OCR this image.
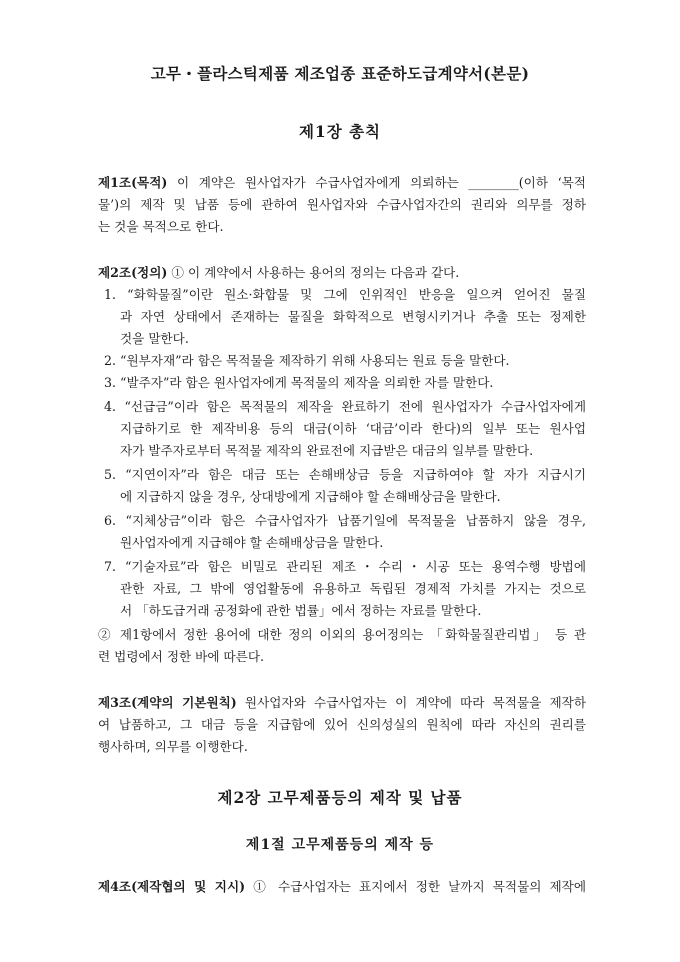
고무・플라스틱제품 제조업종 표준하도급계약서(본문)
제1장 총칙
제1조(목적) 이 계약은 원사업자가 수급사업자에게 의뢰하는 ________(이하 ‘목적
물’)의 제작 및 납품 등에 관하여 원사업자와 수급사업자간의 권리와 의무를 정하
는 것을 목적으로 한다.
제2조(정의) ① 이 계약에서 사용하는 용어의 정의는 다음과 같다.
1. “화학물질”이란 원소·화합물 및 그에 인위적인 반응을 일으켜 얻어진 물질
과 자연 상태에서 존재하는 물질을 화학적으로 변형시키거나 추출 또는 정제한
것을 말한다.
2. “원부자재”라 함은 목적물을 제작하기 위해 사용되는 원료 등을 말한다.
3. “발주자”라 함은 원사업자에게 목적물의 제작을 의뢰한 자를 말한다.
4. “선급금”이라 함은 목적물의 제작을 완료하기 전에 원사업자가 수급사업자에게
지급하기로 한 제작비용 등의 대금(이하 ‘대금’이라 한다)의 일부 또는 원사업
자가 발주자로부터 목적물 제작의 완료전에 지급받은 대금의 일부를 말한다.
5. “지연이자”라 함은 대금 또는 손해배상금 등을 지급하여야 할 자가 지급시기
에 지급하지 않을 경우, 상대방에게 지급해야 할 손해배상금을 말한다.
6. “지체상금”이라 함은 수급사업자가 납품기일에 목적물을 납품하지 않을 경우,
원사업자에게 지급해야 할 손해배상금을 말한다.
7. “기술자료”라 함은 비밀로 관리된 제조・수리・시공 또는 용역수행 방법에
관한 자료, 그 밖에 영업활동에 유용하고 독립된 경제적 가치를 가지는 것으로
서 「하도급거래 공정화에 관한 법률」에서 정하는 자료를 말한다.
② 제1항에서 정한 용어에 대한 정의 이외의 용어정의는 「화학물질관리법」 등 관
련 법령에서 정한 바에 따른다.
제3조(계약의 기본원칙) 원사업자와 수급사업자는 이 계약에 따라 목적물을 제작하
여 납품하고, 그 대금 등을 지급함에 있어 신의성실의 원칙에 따라 자신의 권리를
행사하며, 의무를 이행한다.
제2장 고무제품등의 제작 및 납품
제1절 고무제품등의 제작 등
제4조(제작협의 및 지시) ① 수급사업자는 표지에서 정한 날까지 목적물의 제작에
